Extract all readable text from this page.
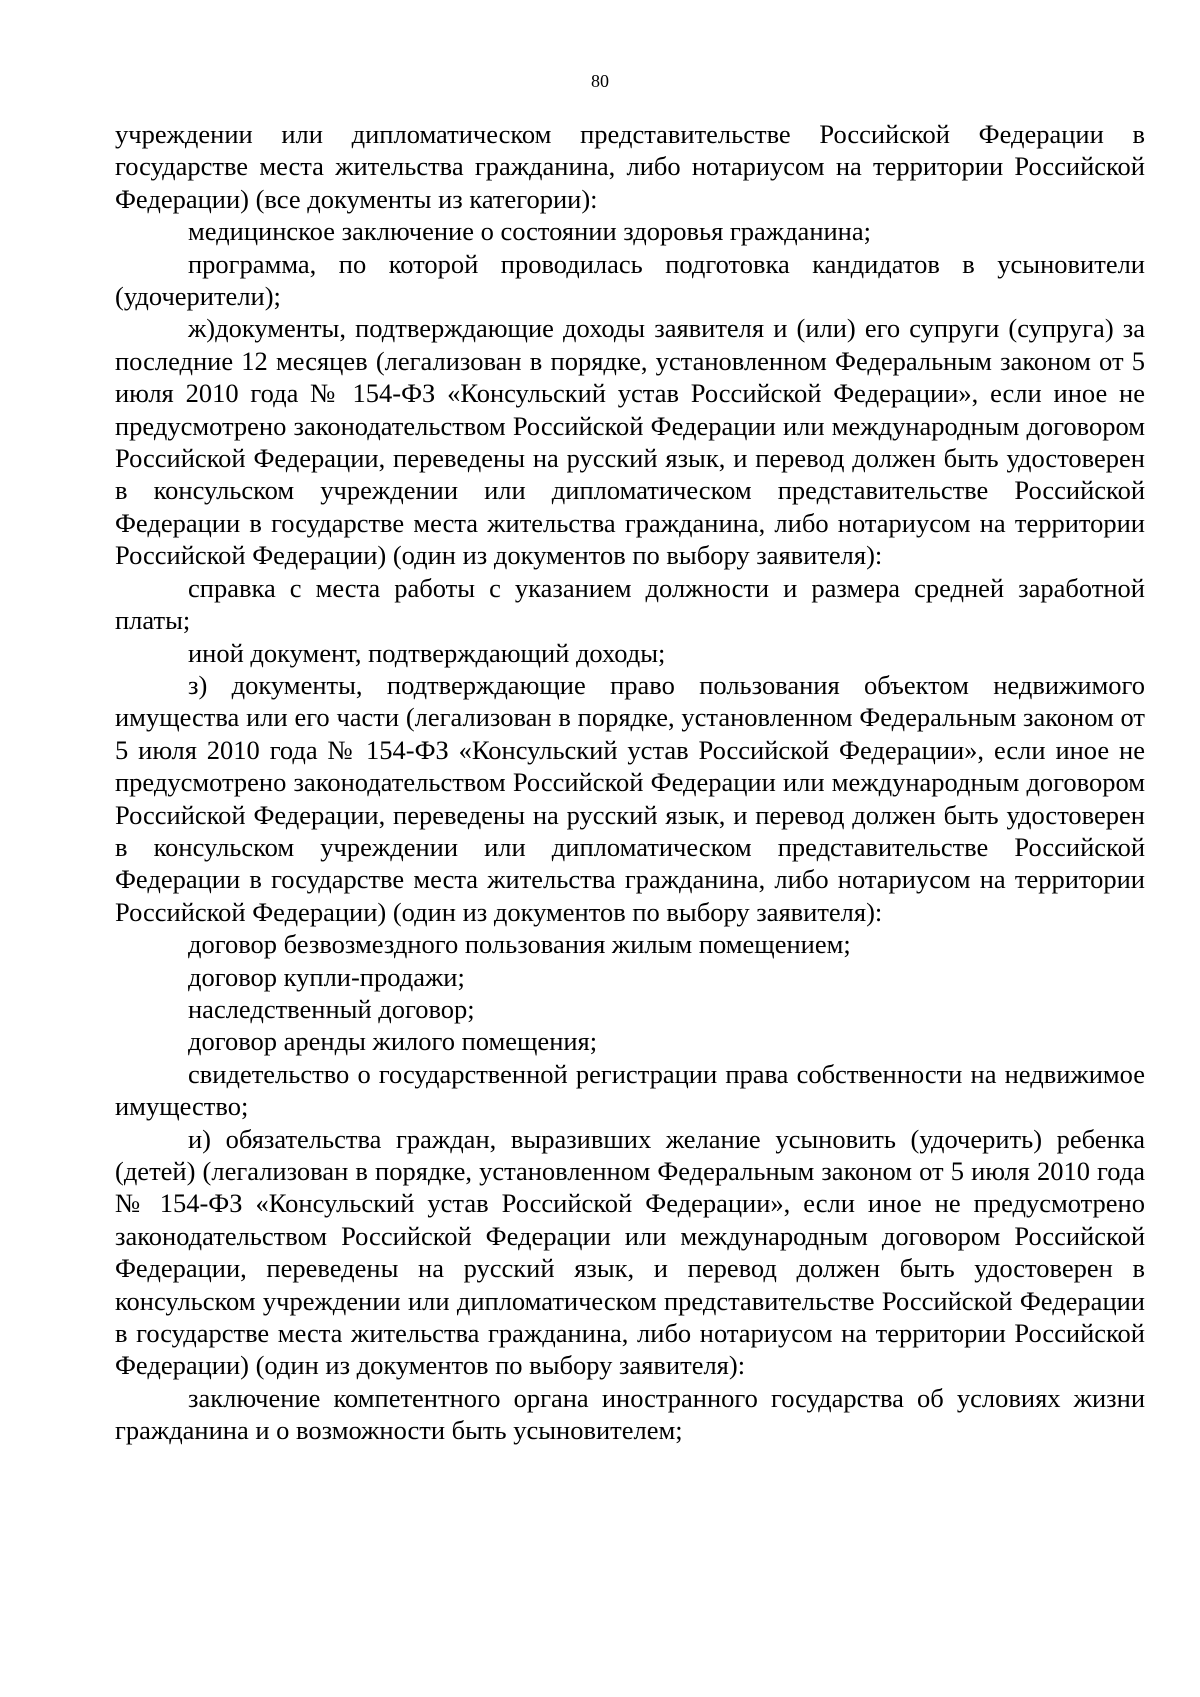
80

учреждении или дипломатическом представительстве Российской Федерации в государстве места жительства гражданина, либо нотариусом на территории Российской Федерации) (все документы из категории):

медицинское заключение о состоянии здоровья гражданина;

программа, по которой проводилась подготовка кандидатов в усыновители (удочерители);

ж)документы, подтверждающие доходы заявителя и (или) его супруги (супруга) за последние 12 месяцев (легализован в порядке, установленном Федеральным законом от 5 июля 2010 года № 154-ФЗ «Консульский устав Российской Федерации», если иное не предусмотрено законодательством Российской Федерации или международным договором Российской Федерации, переведены на русский язык, и перевод должен быть удостоверен в консульском учреждении или дипломатическом представительстве Российской Федерации в государстве места жительства гражданина, либо нотариусом на территории Российской Федерации) (один из документов по выбору заявителя):

справка с места работы с указанием должности и размера средней заработной платы;

иной документ, подтверждающий доходы;

з) документы, подтверждающие право пользования объектом недвижимого имущества или его части (легализован в порядке, установленном Федеральным законом от 5 июля 2010 года № 154-ФЗ «Консульский устав Российской Федерации», если иное не предусмотрено законодательством Российской Федерации или международным договором Российской Федерации, переведены на русский язык, и перевод должен быть удостоверен в консульском учреждении или дипломатическом представительстве Российской Федерации в государстве места жительства гражданина, либо нотариусом на территории Российской Федерации) (один из документов по выбору заявителя):

договор безвозмездного пользования жилым помещением;

договор купли-продажи;

наследственный договор;

договор аренды жилого помещения;

свидетельство о государственной регистрации права собственности на недвижимое имущество;

и) обязательства граждан, выразивших желание усыновить (удочерить) ребенка (детей) (легализован в порядке, установленном Федеральным законом от 5 июля 2010 года № 154-ФЗ «Консульский устав Российской Федерации», если иное не предусмотрено законодательством Российской Федерации или международным договором Российской Федерации, переведены на русский язык, и перевод должен быть удостоверен в консульском учреждении или дипломатическом представительстве Российской Федерации в государстве места жительства гражданина, либо нотариусом на территории Российской Федерации) (один из документов по выбору заявителя):

заключение компетентного органа иностранного государства об условиях жизни гражданина и о возможности быть усыновителем;
